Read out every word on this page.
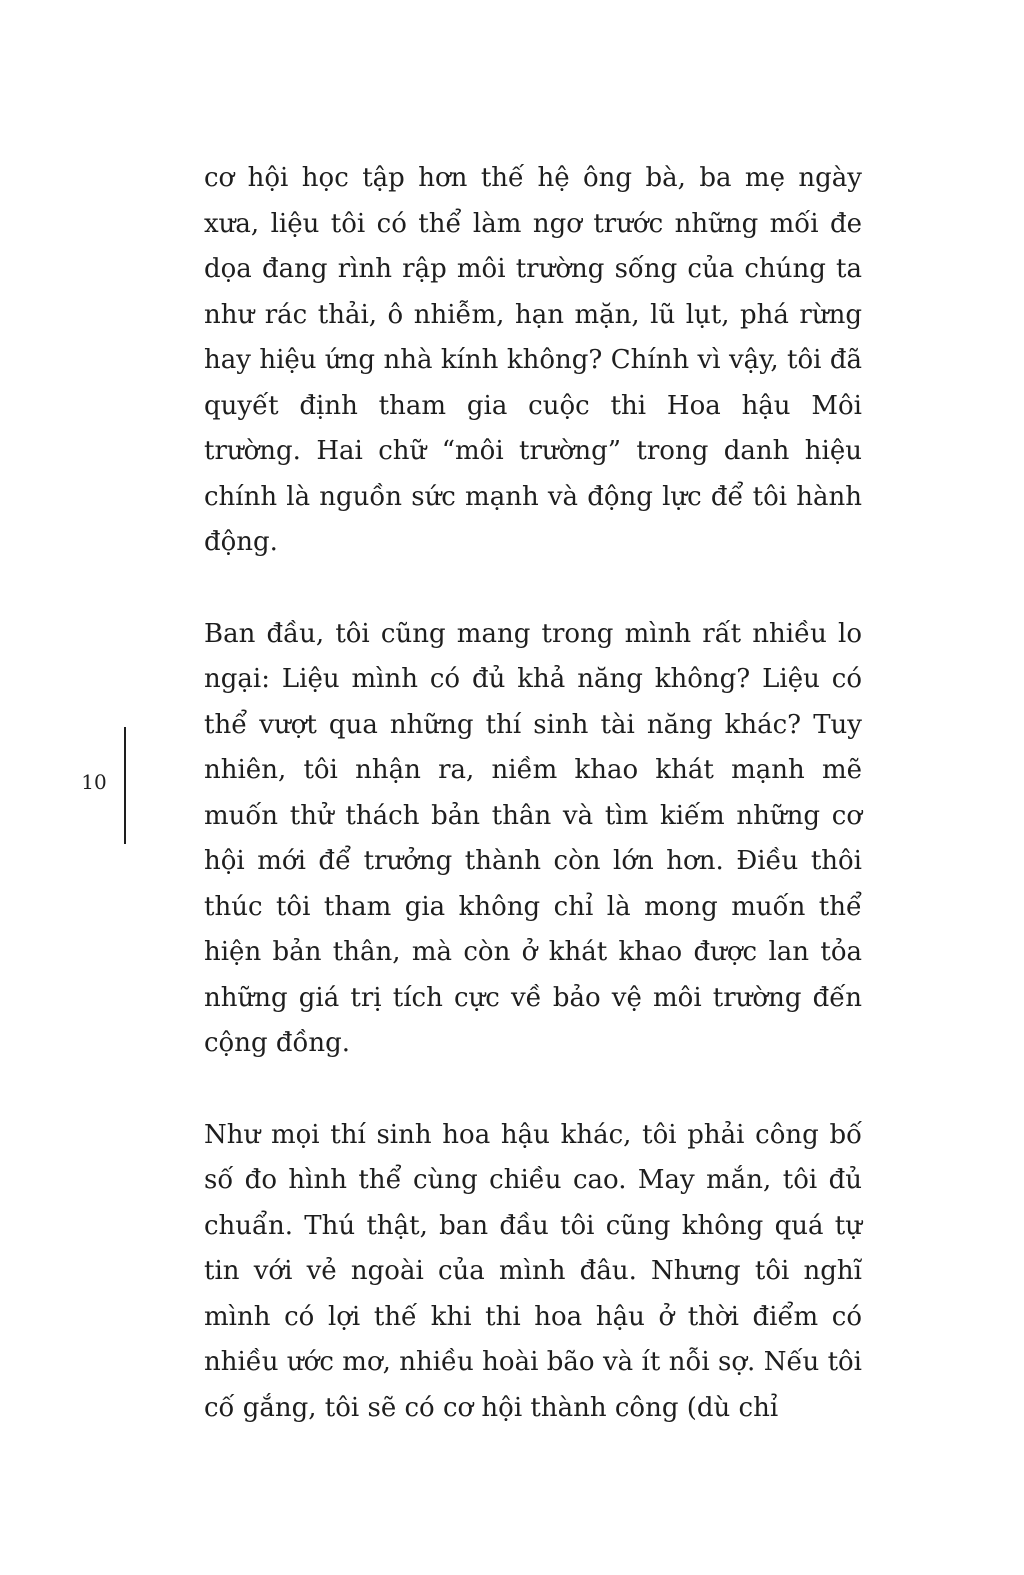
cơ hội học tập hơn thế hệ ông bà, ba mẹ ngày xưa, liệu tôi có thể làm ngơ trước những mối đe dọa đang rình rập môi trường sống của chúng ta như rác thải, ô nhiễm, hạn mặn, lũ lụt, phá rừng hay hiệu ứng nhà kính không? Chính vì vậy, tôi đã quyết định tham gia cuộc thi Hoa hậu Môi trường. Hai chữ “môi trường” trong danh hiệu chính là nguồn sức mạnh và động lực để tôi hành động.

Ban đầu, tôi cũng mang trong mình rất nhiều lo ngại: Liệu mình có đủ khả năng không? Liệu có thể vượt qua những thí sinh tài năng khác? Tuy nhiên, tôi nhận ra, niềm khao khát mạnh mẽ muốn thử thách bản thân và tìm kiếm những cơ hội mới để trưởng thành còn lớn hơn. Điều thôi thúc tôi tham gia không chỉ là mong muốn thể hiện bản thân, mà còn ở khát khao được lan tỏa những giá trị tích cực về bảo vệ môi trường đến cộng đồng.

Như mọi thí sinh hoa hậu khác, tôi phải công bố số đo hình thể cùng chiều cao. May mắn, tôi đủ chuẩn. Thú thật, ban đầu tôi cũng không quá tự tin với vẻ ngoài của mình đâu. Nhưng tôi nghĩ mình có lợi thế khi thi hoa hậu ở thời điểm có nhiều ước mơ, nhiều hoài bão và ít nỗi sợ. Nếu tôi cố gắng, tôi sẽ có cơ hội thành công (dù chỉ

10
